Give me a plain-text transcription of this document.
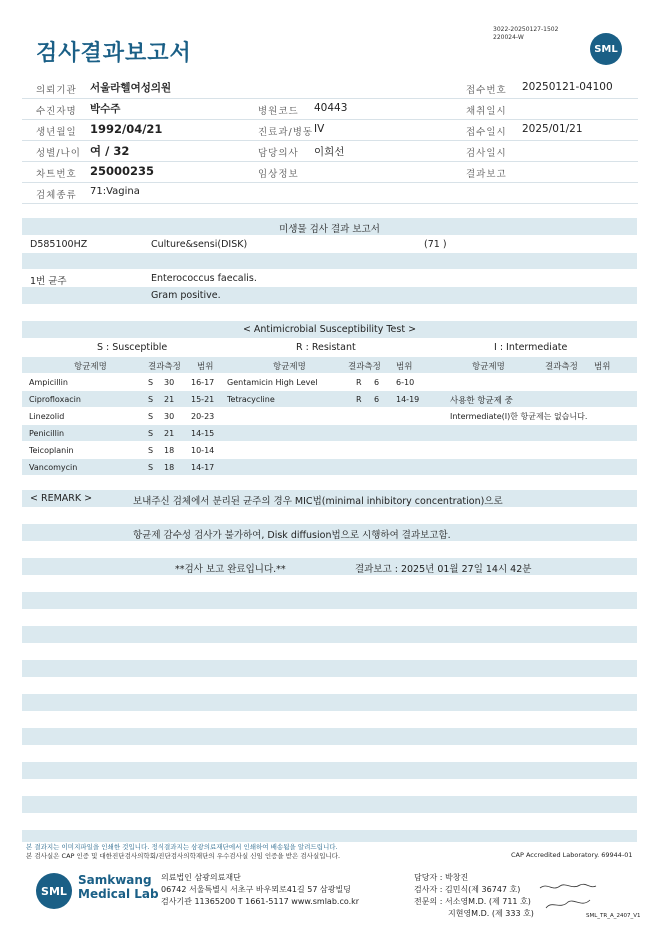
검사결과보고서
3022-20250127-1502
220024-W
SML
의뢰기관 서울라헬여성의원	접수번호 20250121-04100
수진자명 박수주	병원코드 40443	채취일시
생년월일 1992/04/21	진료과/병동 IV	접수일시 2025/01/21
성별/나이 여 / 32	담당의사 이희선	검사일시
차트번호 25000235	임상정보	결과보고
검체종류 71:Vagina
미생물 검사 결과 보고서
D585100HZ	Culture&sensi(DISK)	(71 )
1번 균주	Enterococcus faecalis.
Gram positive.
< Antimicrobial Susceptibility Test >
S : Susceptible	R : Resistant	I : Intermediate
항균제명	결과측정 범위	항균제명	결과측정 범위	항균제명	결과측정 범위
Ampicillin	S 30 16-17 Gentamicin High Level	R 6 6-10
Ciprofloxacin	S 21 15-21 Tetracycline	R 6 14-19	사용한 항균제 중
Linezolid	S 30 20-23	Intermediate(I)한 항균제는 없습니다.
Penicillin	S 21 14-15
Teicoplanin	S 18 10-14
Vancomycin	S 18 14-17
< REMARK >	보내주신 검체에서 분리된 균주의 경우 MIC법(minimal inhibitory concentration)으로
항균제 감수성 검사가 불가하여, Disk diffusion법으로 시행하여 결과보고함.
**검사 보고 완료입니다.**	결과보고 : 2025년 01월 27일 14시 42분
본 결과지는 이미지파일을 인쇄한 것입니다. 정식결과지는 삼광의료재단에서 인쇄하여 배송됨을 알려드립니다.
본 검사실은 CAP 인증 및 대한진단검사의학회/진단검사의학재단의 우수검사실 신임 인증을 받은 검사실입니다.	CAP Accredited Laboratory. 69944-01
SML
Samkwang
Medical Lab
의료법인 삼광의료재단
06742 서울특별시 서초구 바우뫼로41길 57 삼광빌딩
검사기관 11365200 T 1661-5117 www.smlab.co.kr
담당자 : 박창진
검사자 : 김민식(제 36747 호)
전문의 : 서소영M.D. (제 711 호)
지현영M.D. (제 333 호)	SML_TR_A_2407_V1
